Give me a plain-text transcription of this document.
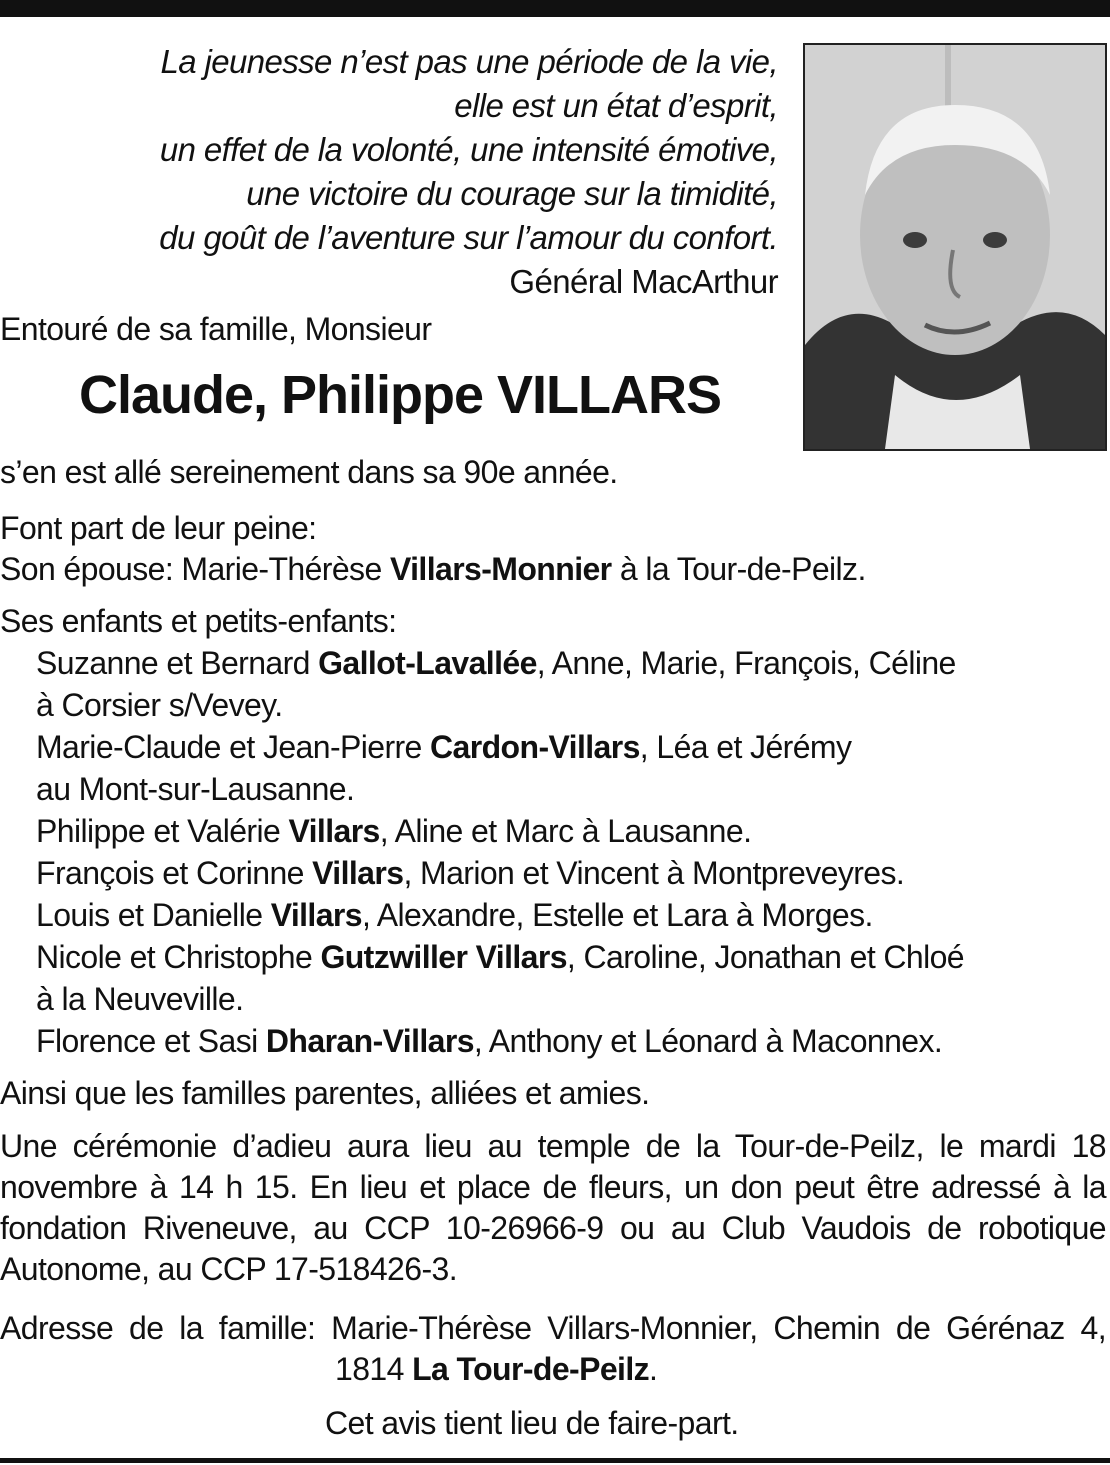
La jeunesse n’est pas une période de la vie,
elle est un état d’esprit,
un effet de la volonté, une intensité émotive,
une victoire du courage sur la timidité,
du goût de l’aventure sur l’amour du confort.
Général MacArthur
Entouré de sa famille, Monsieur
Claude, Philippe VILLARS
s’en est allé sereinement dans sa 90e année.
Font part de leur peine:
Son épouse: Marie-Thérèse Villars-Monnier à la Tour-de-Peilz.
Ses enfants et petits-enfants:
Suzanne et Bernard Gallot-Lavallée, Anne, Marie, François, Céline
à Corsier s/Vevey.
Marie-Claude et Jean-Pierre Cardon-Villars, Léa et Jérémy
au Mont-sur-Lausanne.
Philippe et Valérie Villars, Aline et Marc à Lausanne.
François et Corinne Villars, Marion et Vincent à Montpreveyres.
Louis et Danielle Villars, Alexandre, Estelle et Lara à Morges.
Nicole et Christophe Gutzwiller Villars, Caroline, Jonathan et Chloé
à la Neuveville.
Florence et Sasi Dharan-Villars, Anthony et Léonard à Maconnex.
Ainsi que les familles parentes, alliées et amies.
Une cérémonie d’adieu aura lieu au temple de la Tour-de-Peilz, le mardi 18 novembre à 14 h 15. En lieu et place de fleurs, un don peut être adressé à la fondation Riveneuve, au CCP 10-26966-9 ou au Club Vaudois de robotique Autonome, au CCP 17-518426-3.
Adresse de la famille: Marie-Thérèse Villars-Monnier, Chemin de Gérénaz 4,
1814 La Tour-de-Peilz.
Cet avis tient lieu de faire-part.
